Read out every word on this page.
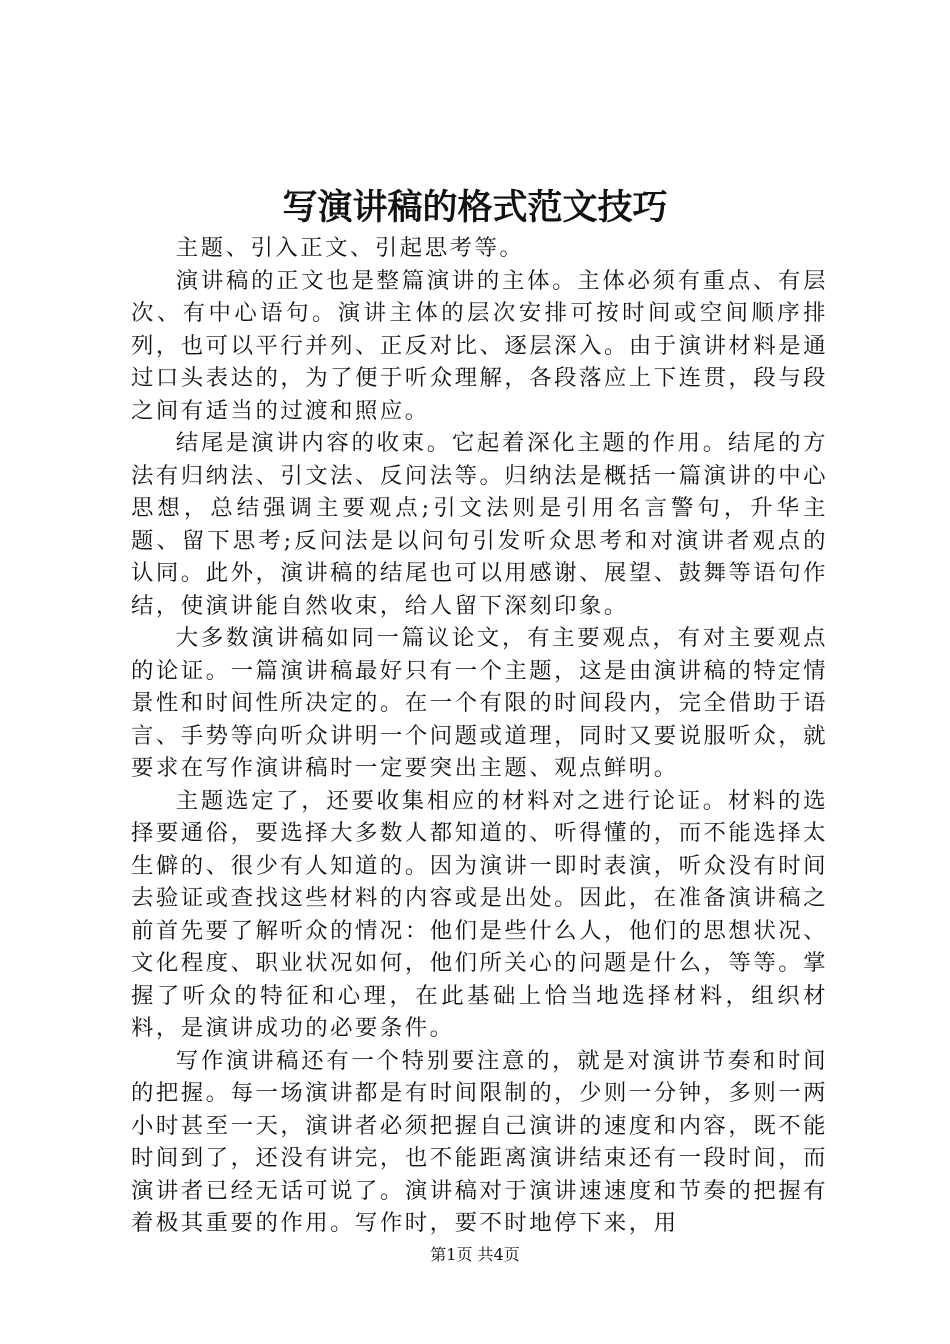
写演讲稿的格式范文技巧

主题、引入正文、引起思考等。

演讲稿的正文也是整篇演讲的主体。主体必须有重点、有层次、有中心语句。演讲主体的层次安排可按时间或空间顺序排列，也可以平行并列、正反对比、逐层深入。由于演讲材料是通过口头表达的，为了便于听众理解，各段落应上下连贯，段与段之间有适当的过渡和照应。

结尾是演讲内容的收束。它起着深化主题的作用。结尾的方法有归纳法、引文法、反问法等。归纳法是概括一篇演讲的中心思想，总结强调主要观点;引文法则是引用名言警句，升华主题、留下思考;反问法是以问句引发听众思考和对演讲者观点的认同。此外，演讲稿的结尾也可以用感谢、展望、鼓舞等语句作结，使演讲能自然收束，给人留下深刻印象。

大多数演讲稿如同一篇议论文，有主要观点，有对主要观点的论证。一篇演讲稿最好只有一个主题，这是由演讲稿的特定情景性和时间性所决定的。在一个有限的时间段内，完全借助于语言、手势等向听众讲明一个问题或道理，同时又要说服听众，就要求在写作演讲稿时一定要突出主题、观点鲜明。

主题选定了，还要收集相应的材料对之进行论证。材料的选择要通俗，要选择大多数人都知道的、听得懂的，而不能选择太生僻的、很少有人知道的。因为演讲一即时表演，听众没有时间去验证或查找这些材料的内容或是出处。因此，在准备演讲稿之前首先要了解听众的情况：他们是些什么人，他们的思想状况、文化程度、职业状况如何，他们所关心的问题是什么，等等。掌握了听众的特征和心理，在此基础上恰当地选择材料，组织材料，是演讲成功的必要条件。

写作演讲稿还有一个特别要注意的，就是对演讲节奏和时间的把握。每一场演讲都是有时间限制的，少则一分钟，多则一两小时甚至一天，演讲者必须把握自己演讲的速度和内容，既不能时间到了，还没有讲完，也不能距离演讲结束还有一段时间，而演讲者已经无话可说了。演讲稿对于演讲速速度和节奏的把握有着极其重要的作用。写作时，要不时地停下来，用

第1页 共4页
